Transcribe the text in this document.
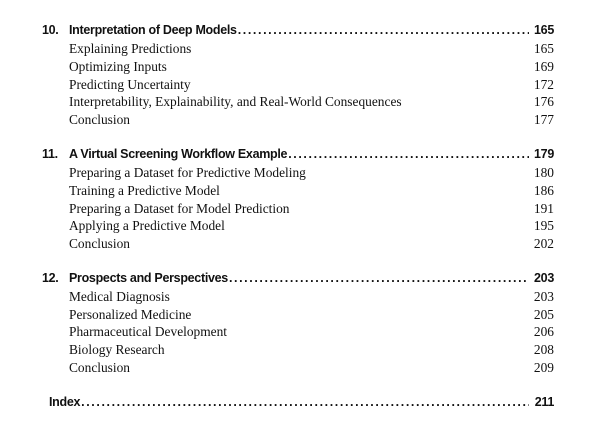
10. Interpretation of Deep Models .....	165
Explaining Predictions	165
Optimizing Inputs	169
Predicting Uncertainty	172
Interpretability, Explainability, and Real-World Consequences	176
Conclusion	177
11. A Virtual Screening Workflow Example .....	179
Preparing a Dataset for Predictive Modeling	180
Training a Predictive Model	186
Preparing a Dataset for Model Prediction	191
Applying a Predictive Model	195
Conclusion	202
12. Prospects and Perspectives .....	203
Medical Diagnosis	203
Personalized Medicine	205
Pharmaceutical Development	206
Biology Research	208
Conclusion	209
Index .....	211
